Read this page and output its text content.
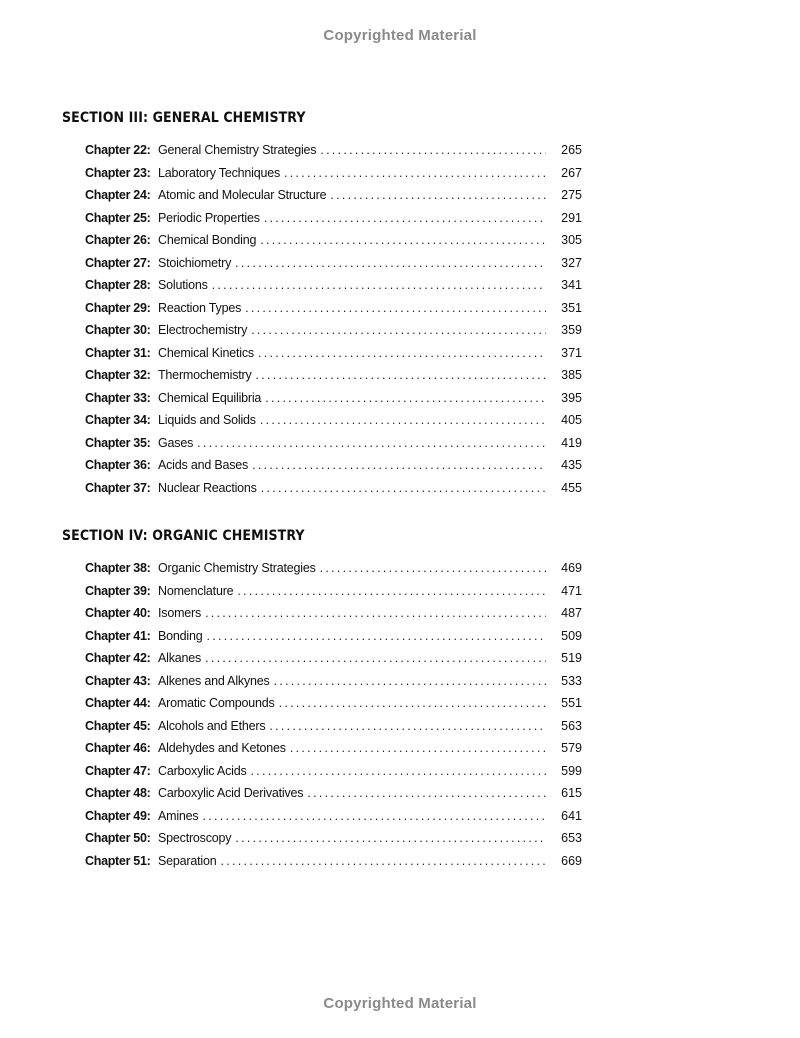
Copyrighted Material
SECTION III: GENERAL CHEMISTRY
Chapter 22: General Chemistry Strategies . . .	265
Chapter 23: Laboratory Techniques . . .	267
Chapter 24: Atomic and Molecular Structure . . .	275
Chapter 25: Periodic Properties . . .	291
Chapter 26: Chemical Bonding . . .	305
Chapter 27: Stoichiometry . . .	327
Chapter 28: Solutions . . .	341
Chapter 29: Reaction Types . . .	351
Chapter 30: Electrochemistry . . .	359
Chapter 31: Chemical Kinetics . . .	371
Chapter 32: Thermochemistry . . .	385
Chapter 33: Chemical Equilibria . . .	395
Chapter 34: Liquids and Solids . . .	405
Chapter 35: Gases . . .	419
Chapter 36: Acids and Bases . . .	435
Chapter 37: Nuclear Reactions . . .	455
SECTION IV: ORGANIC CHEMISTRY
Chapter 38: Organic Chemistry Strategies . . .	469
Chapter 39: Nomenclature . . .	471
Chapter 40: Isomers . . .	487
Chapter 41: Bonding . . .	509
Chapter 42: Alkanes . . .	519
Chapter 43: Alkenes and Alkynes . . .	533
Chapter 44: Aromatic Compounds . . .	551
Chapter 45: Alcohols and Ethers . . .	563
Chapter 46: Aldehydes and Ketones . . .	579
Chapter 47: Carboxylic Acids . . .	599
Chapter 48: Carboxylic Acid Derivatives . . .	615
Chapter 49: Amines . . .	641
Chapter 50: Spectroscopy . . .	653
Chapter 51: Separation . . .	669
Copyrighted Material
